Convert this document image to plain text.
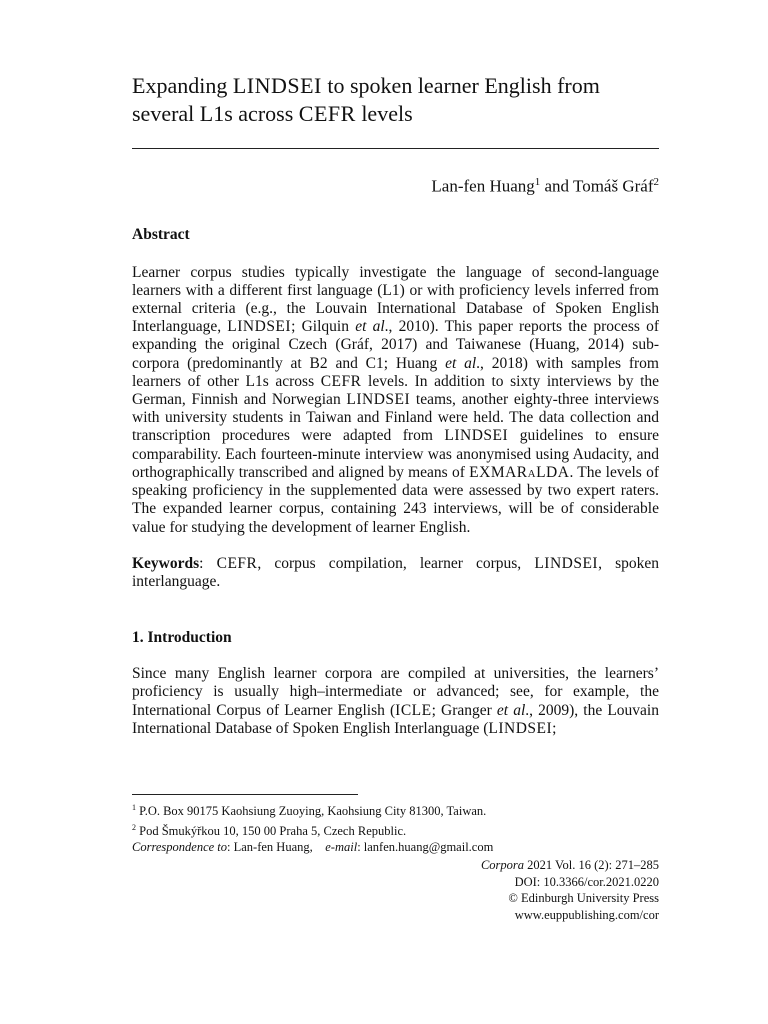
Expanding LINDSEI to spoken learner English from several L1s across CEFR levels
Lan-fen Huang$^1$ and Tomáš Gráf$^2$
Abstract
Learner corpus studies typically investigate the language of second-language learners with a different first language (L1) or with proficiency levels inferred from external criteria (e.g., the Louvain International Database of Spoken English Interlanguage, LINDSEI; Gilquin et al., 2010). This paper reports the process of expanding the original Czech (Gráf, 2017) and Taiwanese (Huang, 2014) sub-corpora (predominantly at B2 and C1; Huang et al., 2018) with samples from learners of other L1s across CEFR levels. In addition to sixty interviews by the German, Finnish and Norwegian LINDSEI teams, another eighty-three interviews with university students in Taiwan and Finland were held. The data collection and transcription procedures were adapted from LINDSEI guidelines to ensure comparability. Each fourteen-minute interview was anonymised using Audacity, and orthographically transcribed and aligned by means of EXMARaLDA. The levels of speaking proficiency in the supplemented data were assessed by two expert raters. The expanded learner corpus, containing 243 interviews, will be of considerable value for studying the development of learner English.
Keywords: CEFR, corpus compilation, learner corpus, LINDSEI, spoken interlanguage.
1. Introduction
Since many English learner corpora are compiled at universities, the learners’ proficiency is usually high–intermediate or advanced; see, for example, the International Corpus of Learner English (ICLE; Granger et al., 2009), the Louvain International Database of Spoken English Interlanguage (LINDSEI;
$^1$ P.O. Box 90175 Kaohsiung Zuoying, Kaohsiung City 81300, Taiwan.
$^2$ Pod Šmukýřkou 10, 150 00 Praha 5, Czech Republic.
Correspondence to: Lan-fen Huang, e-mail: lanfen.huang@gmail.com
Corpora 2021 Vol. 16 (2): 271–285
DOI: 10.3366/cor.2021.0220
© Edinburgh University Press
www.euppublishing.com/cor
